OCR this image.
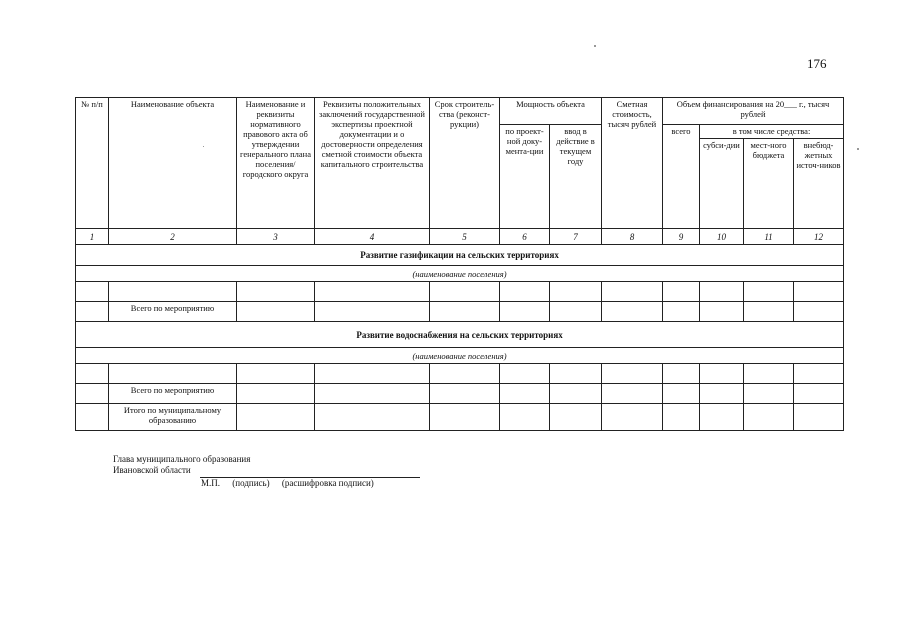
176
№ п/п	Наименование объекта	Наименование и реквизиты нормативного правового акта об утверждении генерального плана поселения/ городского округа	Реквизиты положительных заключений государственной экспертизы проектной документации и о достоверности определения сметной стоимости объекта капитального строительства	Срок строитель-ства (реконст-рукции)	Мощность объекта		Сметная стоимость, тысяч рублей	Объем финансирования на 20___ г., тысяч рублей			
					по проект-ной доку-мента-ции	ввод в действие в текущем году		всего	в том числе средства:		
									субси-дии	мест-ного бюджета	внебюд-жетных источ-ников
1	2	3	4	5	6	7	8	9	10	11	12
Развитие газификации на сельских территориях											
(наименование поселения)											

	Всего по мероприятию										
Развитие водоснабжения на сельских территориях											
(наименование поселения)											

	Всего по мероприятию										
	Итого по муниципальному образованию										
Глава муниципального образования
Ивановской области
М.П. (подпись) (расшифровка подписи)
